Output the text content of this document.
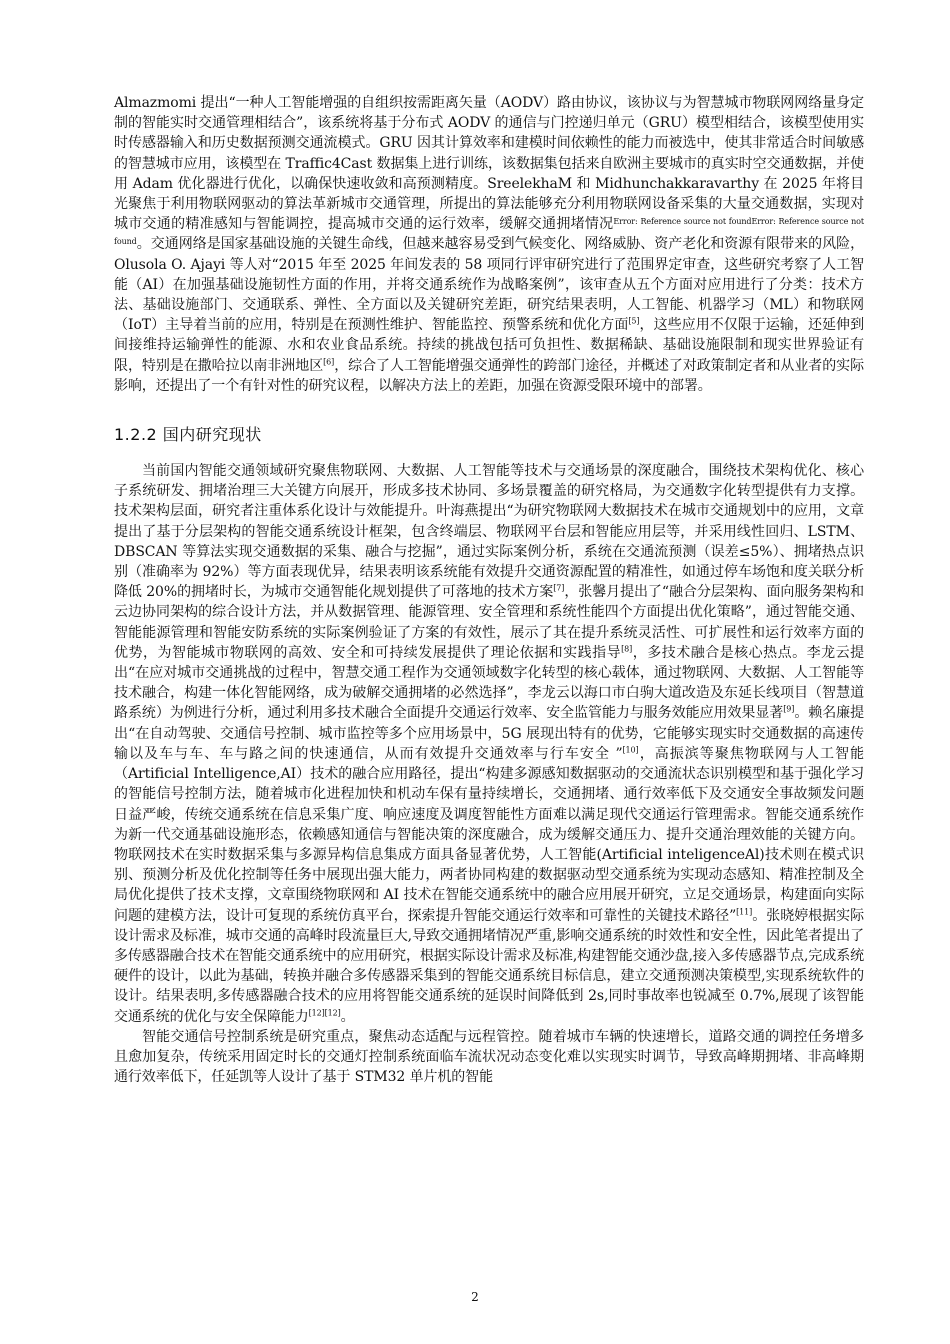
Almazmomi 提出“一种人工智能增强的自组织按需距离矢量（AODV）路由协议，该协议与为智慧城市物联网网络量身定制的智能实时交通管理相结合”，该系统将基于分布式 AODV 的通信与门控递归单元（GRU）模型相结合，该模型使用实时传感器输入和历史数据预测交通流模式。GRU 因其计算效率和建模时间依赖性的能力而被选中，使其非常适合时间敏感的智慧城市应用，该模型在 Traffic4Cast 数据集上进行训练，该数据集包括来自欧洲主要城市的真实时空交通数据，并使用 Adam 优化器进行优化，以确保快速收敛和高预测精度。SreelekhaM 和 Midhunchakkaravarthy 在 2025 年将目光聚焦于利用物联网驱动的算法革新城市交通管理，所提出的算法能够充分利用物联网设备采集的大量交通数据，实现对城市交通的精准感知与智能调控，提高城市交通的运行效率，缓解交通拥堵情况$^{Error: Reference source not foundError: Reference source not found}$。交通网络是国家基础设施的关键生命线，但越来越容易受到气候变化、网络威胁、资产老化和资源有限带来的风险，Olusola O. Ajayi 等人对“2015 年至 2025 年间发表的 58 项同行评审研究进行了范围界定审查，这些研究考察了人工智能（AI）在加强基础设施韧性方面的作用，并将交通系统作为战略案例”，该审查从五个方面对应用进行了分类：技术方法、基础设施部门、交通联系、弹性、全方面以及关键研究差距，研究结果表明，人工智能、机器学习（ML）和物联网（IoT）主导着当前的应用，特别是在预测性维护、智能监控、预警系统和优化方面[5]，这些应用不仅限于运输，还延伸到间接维持运输弹性的能源、水和农业食品系统。持续的挑战包括可负担性、数据稀缺、基础设施限制和现实世界验证有限，特别是在撒哈拉以南非洲地区[6]，综合了人工智能增强交通弹性的跨部门途径，并概述了对政策制定者和从业者的实际影响，还提出了一个有针对性的研究议程，以解决方法上的差距，加强在资源受限环境中的部署。

1.2.2 国内研究现状

当前国内智能交通领域研究聚焦物联网、大数据、人工智能等技术与交通场景的深度融合，围绕技术架构优化、核心子系统研发、拥堵治理三大关键方向展开，形成多技术协同、多场景覆盖的研究格局，为交通数字化转型提供有力支撑。技术架构层面，研究者注重体系化设计与效能提升。叶海燕提出“为研究物联网大数据技术在城市交通规划中的应用，文章提出了基于分层架构的智能交通系统设计框架，包含终端层、物联网平台层和智能应用层等，并采用线性回归、LSTM、DBSCAN 等算法实现交通数据的采集、融合与挖掘”，通过实际案例分析，系统在交通流预测（误差≤5%）、拥堵热点识别（准确率为 92%）等方面表现优异，结果表明该系统能有效提升交通资源配置的精准性，如通过停车场饱和度关联分析降低 20%的拥堵时长，为城市交通智能化规划提供了可落地的技术方案[7]，张馨月提出了“融合分层架构、面向服务架构和云边协同架构的综合设计方法，并从数据管理、能源管理、安全管理和系统性能四个方面提出优化策略”，通过智能交通、智能能源管理和智能安防系统的实际案例验证了方案的有效性，展示了其在提升系统灵活性、可扩展性和运行效率方面的优势，为智能城市物联网的高效、安全和可持续发展提供了理论依据和实践指导[8]，多技术融合是核心热点。李龙云提出“在应对城市交通挑战的过程中，智慧交通工程作为交通领域数字化转型的核心载体，通过物联网、大数据、人工智能等技术融合，构建一体化智能网络，成为破解交通拥堵的必然选择”，李龙云以海口市白驹大道改造及东延长线项目（智慧道路系统）为例进行分析，通过利用多技术融合全面提升交通运行效率、安全监管能力与服务效能应用效果显著[9]。赖名廉提出“在自动驾驶、交通信号控制、城市监控等多个应用场景中，5G 展现出特有的优势，它能够实现实时交通数据的高速传输以及车与车、车与路之间的快速通信，从而有效提升交通效率与行车安全 ”[10]，高振滨等聚焦物联网与人工智能（Artificial Intelligence,AI）技术的融合应用路径，提出“构建多源感知数据驱动的交通流状态识别模型和基于强化学习的智能信号控制方法，随着城市化进程加快和机动车保有量持续增长，交通拥堵、通行效率低下及交通安全事故频发问题日益严峻，传统交通系统在信息采集广度、响应速度及调度智能性方面难以满足现代交通运行管理需求。智能交通系统作为新一代交通基础设施形态，依赖感知通信与智能决策的深度融合，成为缓解交通压力、提升交通治理效能的关键方向。物联网技术在实时数据采集与多源异构信息集成方面具备显著优势，人工智能(Artificial inteligenceAl)技术则在模式识别、预测分析及优化控制等任务中展现出强大能力，两者协同构建的数据驱动型交通系统为实现动态感知、精准控制及全局优化提供了技术支撑，文章围绕物联网和 AI 技术在智能交通系统中的融合应用展开研究，立足交通场景，构建面向实际问题的建模方法，设计可复现的系统仿真平台，探索提升智能交通运行效率和可靠性的关键技术路径”[11]。张晓婷根据实际设计需求及标准，城市交通的高峰时段流量巨大,导致交通拥堵情况严重,影响交通系统的时效性和安全性，因此笔者提出了多传感器融合技术在智能交通系统中的应用研究，根据实际设计需求及标准,构建智能交通沙盘,接入多传感器节点,完成系统硬件的设计，以此为基础，转换并融合多传感器采集到的智能交通系统目标信息，建立交通预测决策模型,实现系统软件的设计。结果表明,多传感器融合技术的应用将智能交通系统的延误时间降低到 2s,同时事故率也锐减至 0.7%,展现了该智能交通系统的优化与安全保障能力[12][12]。

智能交通信号控制系统是研究重点，聚焦动态适配与远程管控。随着城市车辆的快速增长，道路交通的调控任务增多且愈加复杂，传统采用固定时长的交通灯控制系统面临车流状况动态变化难以实现实时调节，导致高峰期拥堵、非高峰期通行效率低下，任延凯等人设计了基于 STM32 单片机的智能

2
